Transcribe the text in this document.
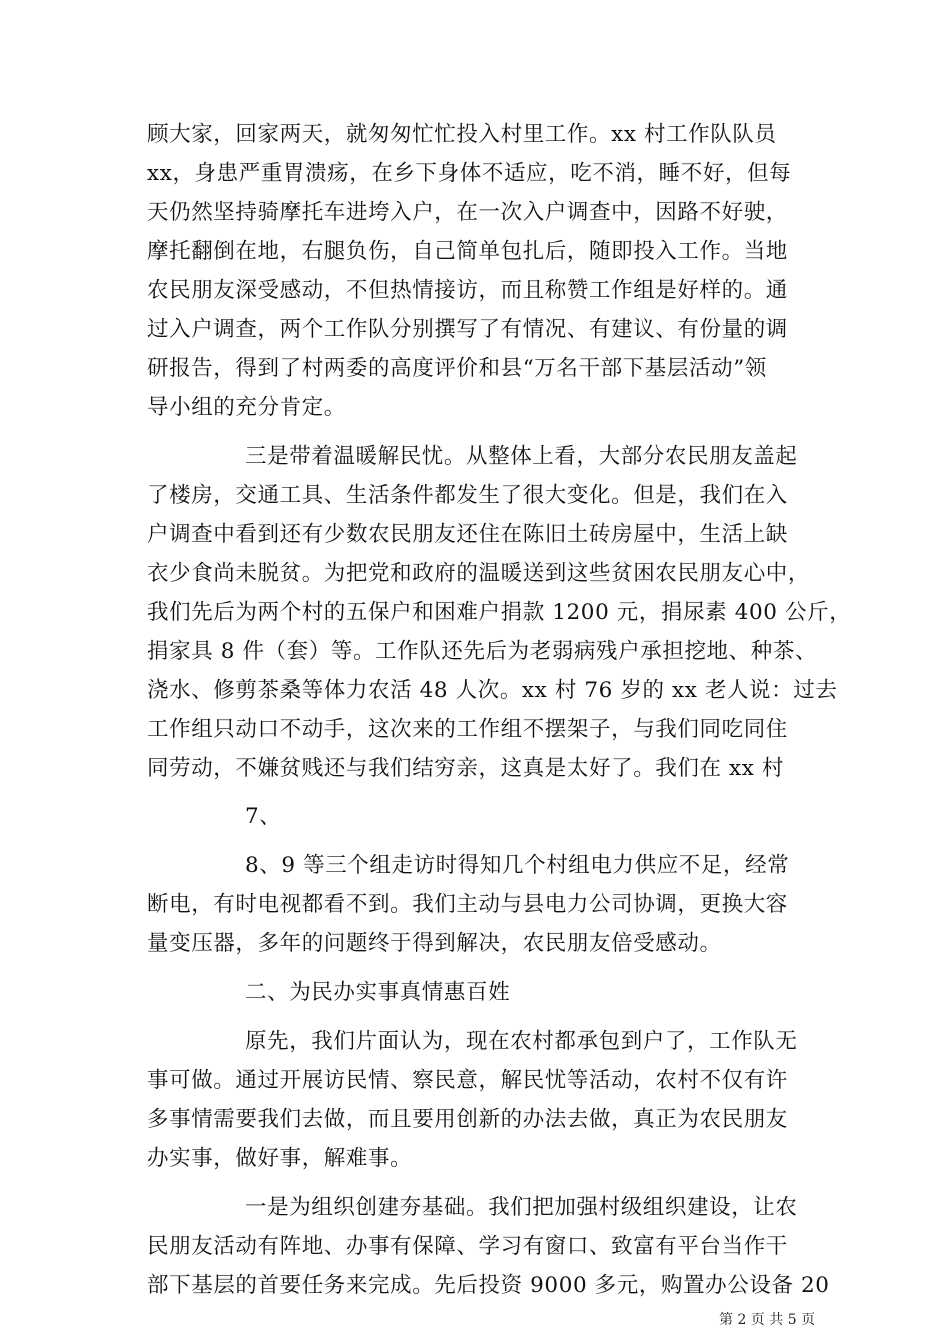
顾大家，回家两天，就匆匆忙忙投入村里工作。xx 村工作队队员
xx，身患严重胃溃疡，在乡下身体不适应，吃不消，睡不好，但每
天仍然坚持骑摩托车进垮入户，在一次入户调查中，因路不好驶，
摩托翻倒在地，右腿负伤，自己简单包扎后，随即投入工作。当地
农民朋友深受感动，不但热情接访，而且称赞工作组是好样的。通
过入户调查，两个工作队分别撰写了有情况、有建议、有份量的调
研报告，得到了村两委的高度评价和县“万名干部下基层活动”领
导小组的充分肯定。
三是带着温暖解民忧。从整体上看，大部分农民朋友盖起
了楼房，交通工具、生活条件都发生了很大变化。但是，我们在入
户调查中看到还有少数农民朋友还住在陈旧土砖房屋中，生活上缺
衣少食尚未脱贫。为把党和政府的温暖送到这些贫困农民朋友心中，
我们先后为两个村的五保户和困难户捐款 1200 元，捐尿素 400 公斤，
捐家具 8 件（套）等。工作队还先后为老弱病残户承担挖地、种茶、
浇水、修剪茶桑等体力农活 48 人次。xx 村 76 岁的 xx 老人说：过去
工作组只动口不动手，这次来的工作组不摆架子，与我们同吃同住
同劳动，不嫌贫贱还与我们结穷亲，这真是太好了。我们在 xx 村
7、
8、9 等三个组走访时得知几个村组电力供应不足，经常
断电，有时电视都看不到。我们主动与县电力公司协调，更换大容
量变压器，多年的问题终于得到解决，农民朋友倍受感动。
二、为民办实事真情惠百姓
原先，我们片面认为，现在农村都承包到户了，工作队无
事可做。通过开展访民情、察民意，解民忧等活动，农村不仅有许
多事情需要我们去做，而且要用创新的办法去做，真正为农民朋友
办实事，做好事，解难事。
一是为组织创建夯基础。我们把加强村级组织建设，让农
民朋友活动有阵地、办事有保障、学习有窗口、致富有平台当作干
部下基层的首要任务来完成。先后投资 9000 多元，购置办公设备 20
第 2 页 共 5 页
